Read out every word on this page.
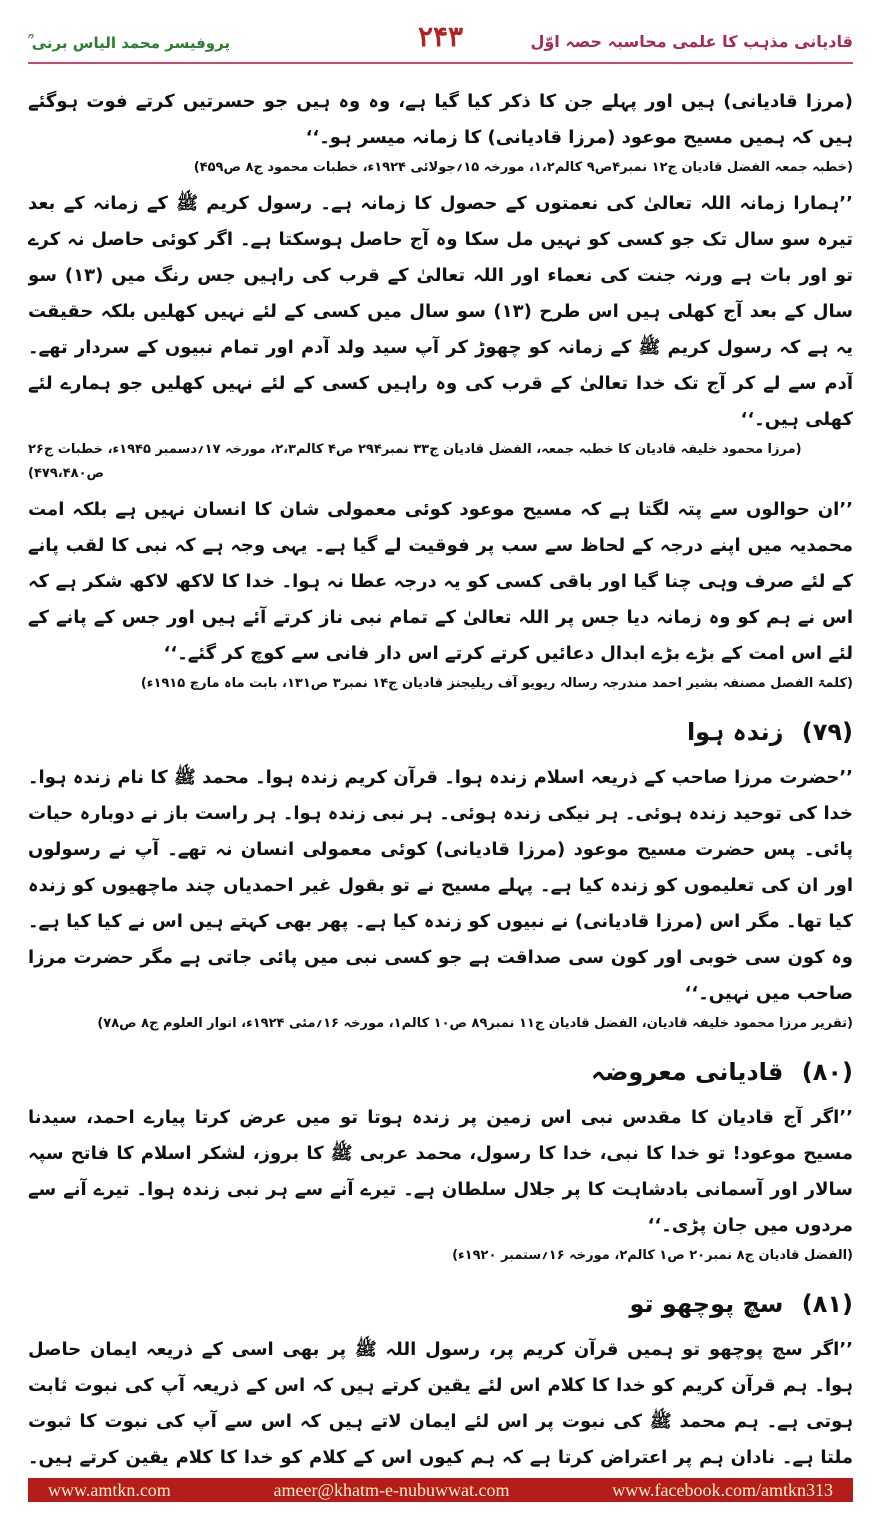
قادیانی مذہب کا علمی محاسبہ حصہ اوّل
۲۴۳
پروفیسر محمد الیاس برنی ؒ

(مرزا قادیانی) ہیں اور پہلے جن کا ذکر کیا گیا ہے، وہ وہ ہیں جو حسرتیں کرتے فوت ہوگئے ہیں کہ ہمیں مسیح موعود (مرزا قادیانی) کا زمانہ میسر ہو۔‘‘

(خطبہ جمعہ الفضل قادیان ج۱۲ نمبر۴ص۹ کالم۱،۲، مورخہ ۱۵؍جولائی ۱۹۲۴ء، خطبات محمود ج۸ ص۴۵۹)

’’ہمارا زمانہ اللہ تعالیٰ کی نعمتوں کے حصول کا زمانہ ہے۔ رسول کریم ﷺ کے زمانہ کے بعد تیرہ سو سال تک جو کسی کو نہیں مل سکا وہ آج حاصل ہوسکتا ہے۔ اگر کوئی حاصل نہ کرے تو اور بات ہے ورنہ جنت کی نعماء اور اللہ تعالیٰ کے قرب کی راہیں جس رنگ میں (۱۳) سو سال کے بعد آج کھلی ہیں اس طرح (۱۳) سو سال میں کسی کے لئے نہیں کھلیں بلکہ حقیقت یہ ہے کہ رسول کریم ﷺ کے زمانہ کو چھوڑ کر آپ سید ولد آدم اور تمام نبیوں کے سردار تھے۔ آدم سے لے کر آج تک خدا تعالیٰ کے قرب کی وہ راہیں کسی کے لئے نہیں کھلیں جو ہمارے لئے کھلی ہیں۔‘‘

(مرزا محمود خلیفہ قادیان کا خطبہ جمعہ، الفضل قادیان ج۳۳ نمبر۲۹۴ ص۴ کالم۲،۳، مورخہ ۱۷؍دسمبر ۱۹۴۵ء، خطبات ج۲۶ ص۴۷۹،۴۸۰)

’’ان حوالوں سے پتہ لگتا ہے کہ مسیح موعود کوئی معمولی شان کا انسان نہیں ہے بلکہ امت محمدیہ میں اپنے درجہ کے لحاظ سے سب پر فوقیت لے گیا ہے۔ یہی وجہ ہے کہ نبی کا لقب پانے کے لئے صرف وہی چنا گیا اور باقی کسی کو یہ درجہ عطا نہ ہوا۔ خدا کا لاکھ لاکھ شکر ہے کہ اس نے ہم کو وہ زمانہ دیا جس پر اللہ تعالیٰ کے تمام نبی ناز کرتے آئے ہیں اور جس کے پانے کے لئے اس امت کے بڑے بڑے ابدال دعائیں کرتے کرتے اس دار فانی سے کوچ کر گئے۔‘‘

(کلمۃ الفصل مصنفہ بشیر احمد مندرجہ رسالہ ریویو آف ریلیجنز قادیان ج۱۴ نمبر۳ ص۱۳۱، بابت ماہ مارچ ۱۹۱۵ء)

(۷۹) زندہ ہوا

’’حضرت مرزا صاحب کے ذریعہ اسلام زندہ ہوا۔ قرآن کریم زندہ ہوا۔ محمد ﷺ کا نام زندہ ہوا۔ خدا کی توحید زندہ ہوئی۔ ہر نیکی زندہ ہوئی۔ ہر نبی زندہ ہوا۔ ہر راست باز نے دوبارہ حیات پائی۔ پس حضرت مسیح موعود (مرزا قادیانی) کوئی معمولی انسان نہ تھے۔ آپ نے رسولوں اور ان کی تعلیموں کو زندہ کیا ہے۔ پہلے مسیح نے تو بقول غیر احمدیاں چند ماچھیوں کو زندہ کیا تھا۔ مگر اس (مرزا قادیانی) نے نبیوں کو زندہ کیا ہے۔ پھر بھی کہتے ہیں اس نے کیا کیا ہے۔ وہ کون سی خوبی اور کون سی صداقت ہے جو کسی نبی میں پائی جاتی ہے مگر حضرت مرزا صاحب میں نہیں۔‘‘

(تقریر مرزا محمود خلیفہ قادیان، الفضل قادیان ج۱۱ نمبر۸۹ ص۱۰ کالم۱، مورخہ ۱۶؍مئی ۱۹۲۴ء، انوار العلوم ج۸ ص۷۸)

(۸۰) قادیانی معروضہ

’’اگر آج قادیان کا مقدس نبی اس زمین پر زندہ ہوتا تو میں عرض کرتا پیارے احمد، سیدنا مسیح موعود! تو خدا کا نبی، خدا کا رسول، محمد عربی ﷺ کا بروز، لشکر اسلام کا فاتح سپہ سالار اور آسمانی بادشاہت کا پر جلال سلطان ہے۔ تیرے آنے سے ہر نبی زندہ ہوا۔ تیرے آنے سے مردوں میں جان پڑی۔‘‘

(الفضل قادیان ج۸ نمبر۲۰ ص۱ کالم۲، مورخہ ۱۶؍ستمبر ۱۹۲۰ء)

(۸۱) سچ پوچھو تو

’’اگر سچ پوچھو تو ہمیں قرآن کریم پر، رسول اللہ ﷺ پر بھی اسی کے ذریعہ ایمان حاصل ہوا۔ ہم قرآن کریم کو خدا کا کلام اس لئے یقین کرتے ہیں کہ اس کے ذریعہ آپ کی نبوت ثابت ہوتی ہے۔ ہم محمد ﷺ کی نبوت پر اس لئے ایمان لاتے ہیں کہ اس سے آپ کی نبوت کا ثبوت ملتا ہے۔ نادان ہم پر اعتراض کرتا ہے کہ ہم کیوں اس کے کلام کو خدا کا کلام یقین کرتے ہیں۔

www.amtkn.com	ameer@khatm-e-nubuwwat.com	www.facebook.com/amtkn313
